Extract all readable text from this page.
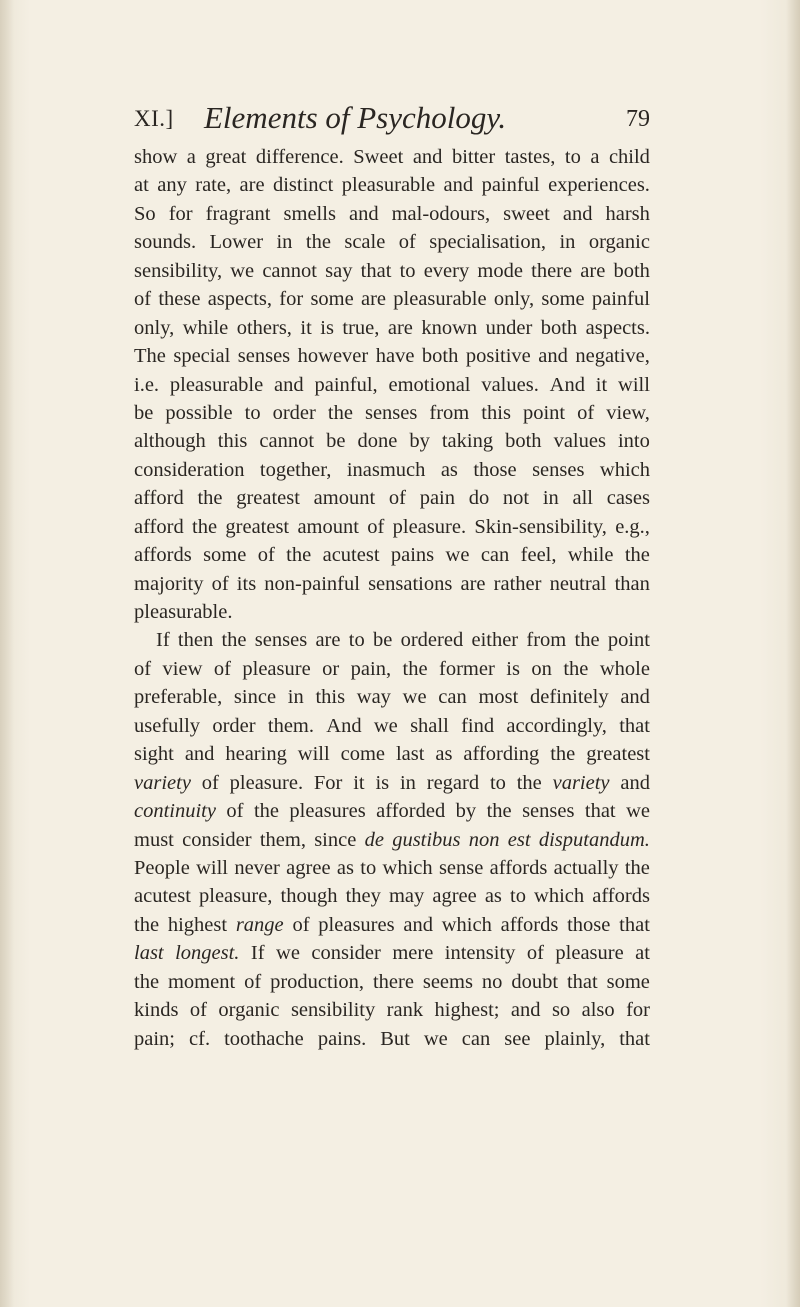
XI.] Elements of Psychology.	79
show a great difference. Sweet and bitter tastes, to a child
at any rate, are distinct pleasurable and painful experiences.
So for fragrant smells and mal-odours, sweet and harsh
sounds. Lower in the scale of specialisation, in organic
sensibility, we cannot say that to every mode there are both
of these aspects, for some are pleasurable only, some painful
only, while others, it is true, are known under both aspects.
The special senses however have both positive and negative,
i.e. pleasurable and painful, emotional values. And it will
be possible to order the senses from this point of view,
although this cannot be done by taking both values into
consideration together, inasmuch as those senses which
afford the greatest amount of pain do not in all cases
afford the greatest amount of pleasure. Skin-sensibility, e.g.,
affords some of the acutest pains we can feel, while the
majority of its non-painful sensations are rather neutral than
pleasurable.
If then the senses are to be ordered either from the point
of view of pleasure or pain, the former is on the whole
preferable, since in this way we can most definitely and
usefully order them. And we shall find accordingly, that
sight and hearing will come last as affording the greatest
variety of pleasure. For it is in regard to the variety and
continuity of the pleasures afforded by the senses that we
must consider them, since de gustibus non est disputandum.
People will never agree as to which sense affords actually the
acutest pleasure, though they may agree as to which affords
the highest range of pleasures and which affords those that
last longest. If we consider mere intensity of pleasure at
the moment of production, there seems no doubt that some
kinds of organic sensibility rank highest; and so also for
pain; cf. toothache pains. But we can see plainly, that
